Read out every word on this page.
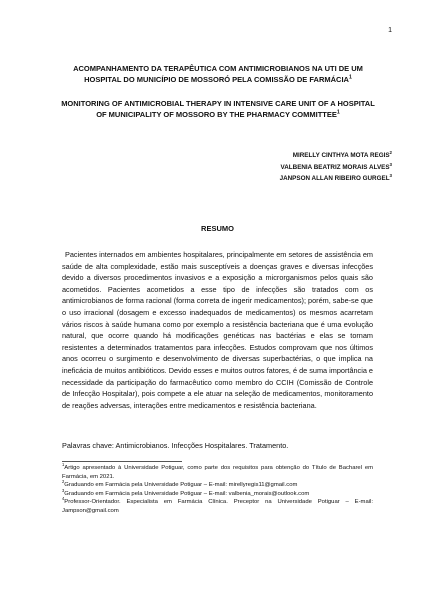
1
ACOMPANHAMENTO DA TERAPÊUTICA COM ANTIMICROBIANOS NA UTI DE UM HOSPITAL DO MUNICÍPIO DE MOSSORÓ PELA COMISSÃO DE FARMÁCIA$^1$
MONITORING OF ANTIMICROBIAL THERAPY IN INTENSIVE CARE UNIT OF A HOSPITAL OF MUNICIPALITY OF MOSSORO BY THE PHARMACY COMMITTEE$^1$
MIRELLY CINTHYA MOTA REGIS$^2$
VALBENIA BEATRIZ MORAIS ALVES$^3$
JANPSON ALLAN RIBEIRO GURGEL$^3$
RESUMO

Pacientes internados em ambientes hospitalares, principalmente em setores de assistência em saúde de alta complexidade, estão mais susceptíveis a doenças graves e diversas infecções devido a diversos procedimentos invasivos e a exposição a microrganismos pelos quais são acometidos. Pacientes acometidos a esse tipo de infecções são tratados com os antimicrobianos de forma racional (forma correta de ingerir medicamentos); porém, sabe-se que o uso irracional (dosagem e excesso inadequados de medicamentos) os mesmos acarretam vários riscos à saúde humana como por exemplo a resistência bacteriana que é uma evolução natural, que ocorre quando há modificações genéticas nas bactérias e elas se tornam resistentes a determinados tratamentos para infecções. Estudos comprovam que nos últimos anos ocorreu o surgimento e desenvolvimento de diversas superbactérias, o que implica na ineficácia de muitos antibióticos. Devido esses e muitos outros fatores, é de suma importância e necessidade da participação do farmacêutico como membro do CCIH (Comissão de Controle de Infecção Hospitalar), pois compete a ele atuar na seleção de medicamentos, monitoramento de reações adversas, interações entre medicamentos e resistência bacteriana.

Palavras chave: Antimicrobianos. Infecções Hospitalares. Tratamento.

$^1$Artigo apresentado à Universidade Potiguar, como parte dos requisitos para obtenção do Título de Bacharel em Farmácia, em 2021.

$^2$Graduando em Farmácia pela Universidade Potiguar – E-mail: mirellyregis11@gmail.com

$^3$Graduando em Farmácia pela Universidade Potiguar – E-mail: valbenia_morais@outlook.com

$^4$Professor-Orientador. Especialista em Farmácia Clínica. Preceptor na Universidade Potiguar – E-mail: Jampson@gmail.com
